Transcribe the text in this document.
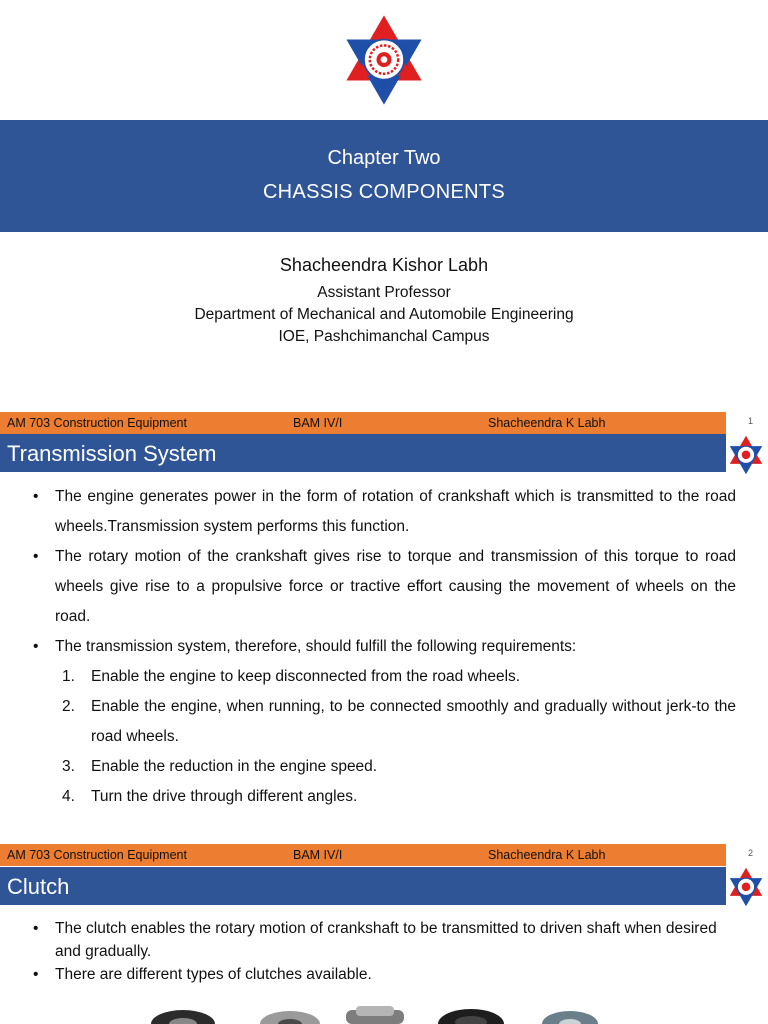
Chapter Two
CHASSIS COMPONENTS
Shacheendra Kishor Labh
Assistant Professor
Department of Mechanical and Automobile Engineering
IOE, Pashchimanchal Campus
AM 703 Construction Equipment	BAM IV/I	Shacheendra K Labh	1
Transmission System
• The engine generates power in the form of rotation of crankshaft which is transmitted to the road wheels.Transmission system performs this function.
• The rotary motion of the crankshaft gives rise to torque and transmission of this torque to road wheels give rise to a propulsive force or tractive effort causing the movement of wheels on the road.
• The transmission system, therefore, should fulfill the following requirements:
1. Enable the engine to keep disconnected from the road wheels.
2. Enable the engine, when running, to be connected smoothly and gradually without jerk-to the road wheels.
3. Enable the reduction in the engine speed.
4. Turn the drive through different angles.
AM 703 Construction Equipment	BAM IV/I	Shacheendra K Labh	2
Clutch
• The clutch enables the rotary motion of crankshaft to be transmitted to driven shaft when desired and gradually.
• There are different types of clutches available.
